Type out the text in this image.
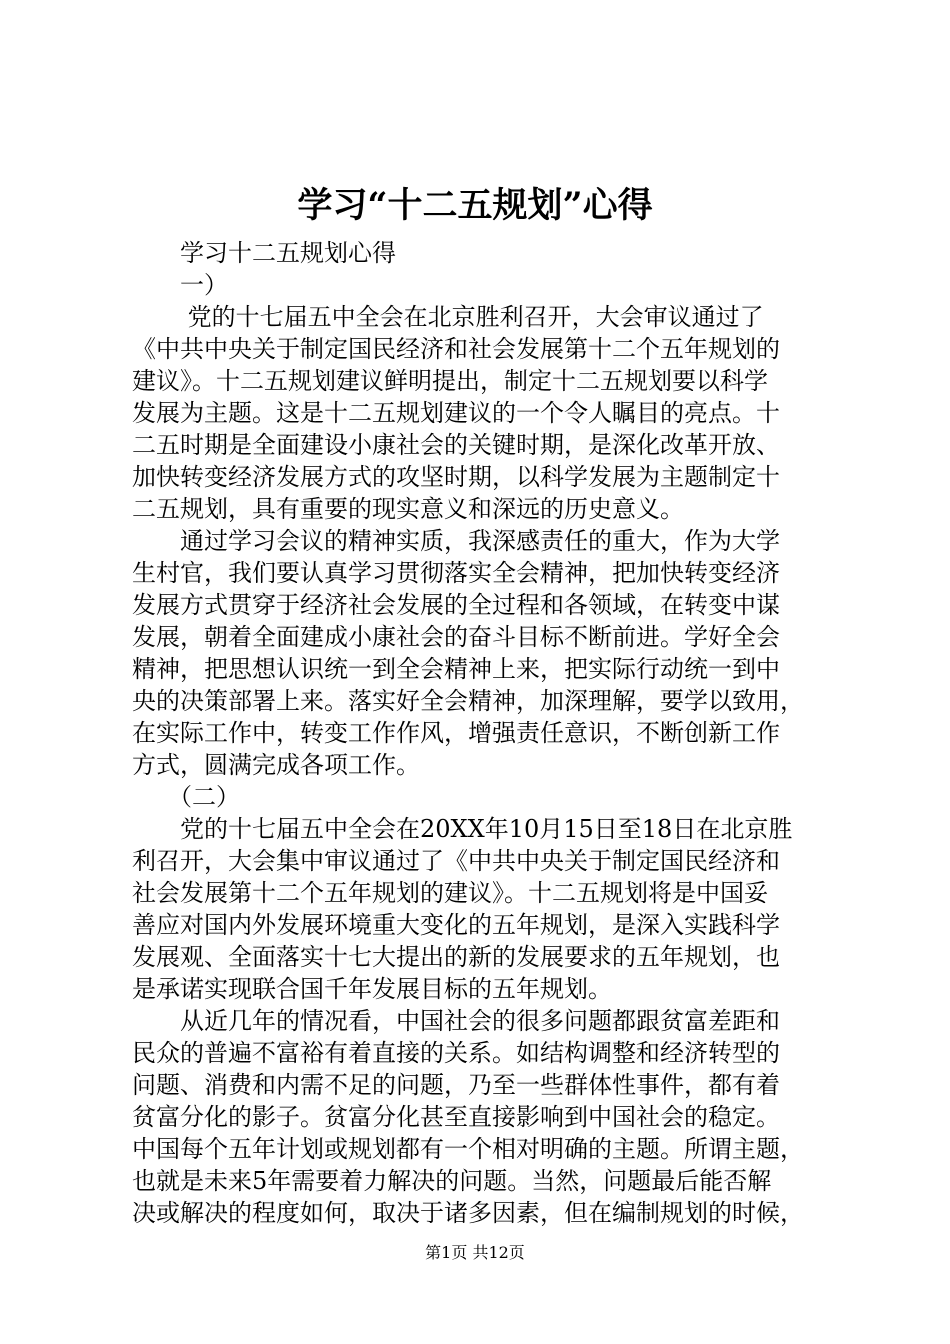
学习“十二五规划”心得

　　学习十二五规划心得

　　一）

　　 党的十七届五中全会在北京胜利召开，大会审议通过了

《中共中央关于制定国民经济和社会发展第十二个五年规划的

建议》。十二五规划建议鲜明提出，制定十二五规划要以科学

发展为主题。这是十二五规划建议的一个令人瞩目的亮点。十

二五时期是全面建设小康社会的关键时期，是深化改革开放、

加快转变经济发展方式的攻坚时期，以科学发展为主题制定十

二五规划，具有重要的现实意义和深远的历史意义。

　　通过学习会议的精神实质，我深感责任的重大，作为大学

生村官，我们要认真学习贯彻落实全会精神，把加快转变经济

发展方式贯穿于经济社会发展的全过程和各领域，在转变中谋

发展，朝着全面建成小康社会的奋斗目标不断前进。学好全会

精神，把思想认识统一到全会精神上来，把实际行动统一到中

央的决策部署上来。落实好全会精神，加深理解，要学以致用，

在实际工作中，转变工作作风，增强责任意识，不断创新工作

方式，圆满完成各项工作。

　　（二）

　　党的十七届五中全会在20XX年10月15日至18日在北京胜

利召开，大会集中审议通过了《中共中央关于制定国民经济和

社会发展第十二个五年规划的建议》。十二五规划将是中国妥

善应对国内外发展环境重大变化的五年规划，是深入实践科学

发展观、全面落实十七大提出的新的发展要求的五年规划，也

是承诺实现联合国千年发展目标的五年规划。

　　从近几年的情况看，中国社会的很多问题都跟贫富差距和

民众的普遍不富裕有着直接的关系。如结构调整和经济转型的

问题、消费和内需不足的问题，乃至一些群体性事件，都有着

贫富分化的影子。贫富分化甚至直接影响到中国社会的稳定。

中国每个五年计划或规划都有一个相对明确的主题。所谓主题，

也就是未来5年需要着力解决的问题。当然，问题最后能否解

决或解决的程度如何，取决于诸多因素，但在编制规划的时候，

第1页 共12页
